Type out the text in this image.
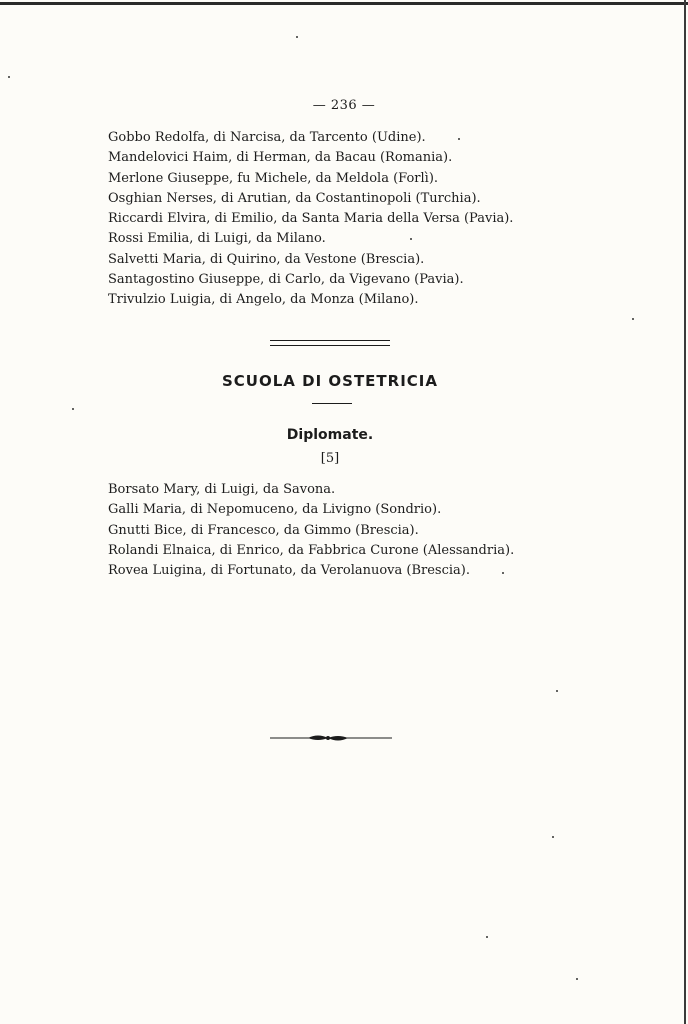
— 236 —
Gobbo Redolfa, di Narcisa, da Tarcento (Udine).
Mandelovici Haim, di Herman, da Bacau (Romania).
Merlone Giuseppe, fu Michele, da Meldola (Forlì).
Osghian Nerses, di Arutian, da Costantinopoli (Turchia).
Riccardi Elvira, di Emilio, da Santa Maria della Versa (Pavia).
Rossi Emilia, di Luigi, da Milano.
Salvetti Maria, di Quirino, da Vestone (Brescia).
Santagostino Giuseppe, di Carlo, da Vigevano (Pavia).
Trivulzio Luigia, di Angelo, da Monza (Milano).
SCUOLA DI OSTETRICIA
Diplomate.
[5]
Borsato Mary, di Luigi, da Savona.
Galli Maria, di Nepomuceno, da Livigno (Sondrio).
Gnutti Bice, di Francesco, da Gimmo (Brescia).
Rolandi Elnaica, di Enrico, da Fabbrica Curone (Alessandria).
Rovea Luigina, di Fortunato, da Verolanuova (Brescia).
